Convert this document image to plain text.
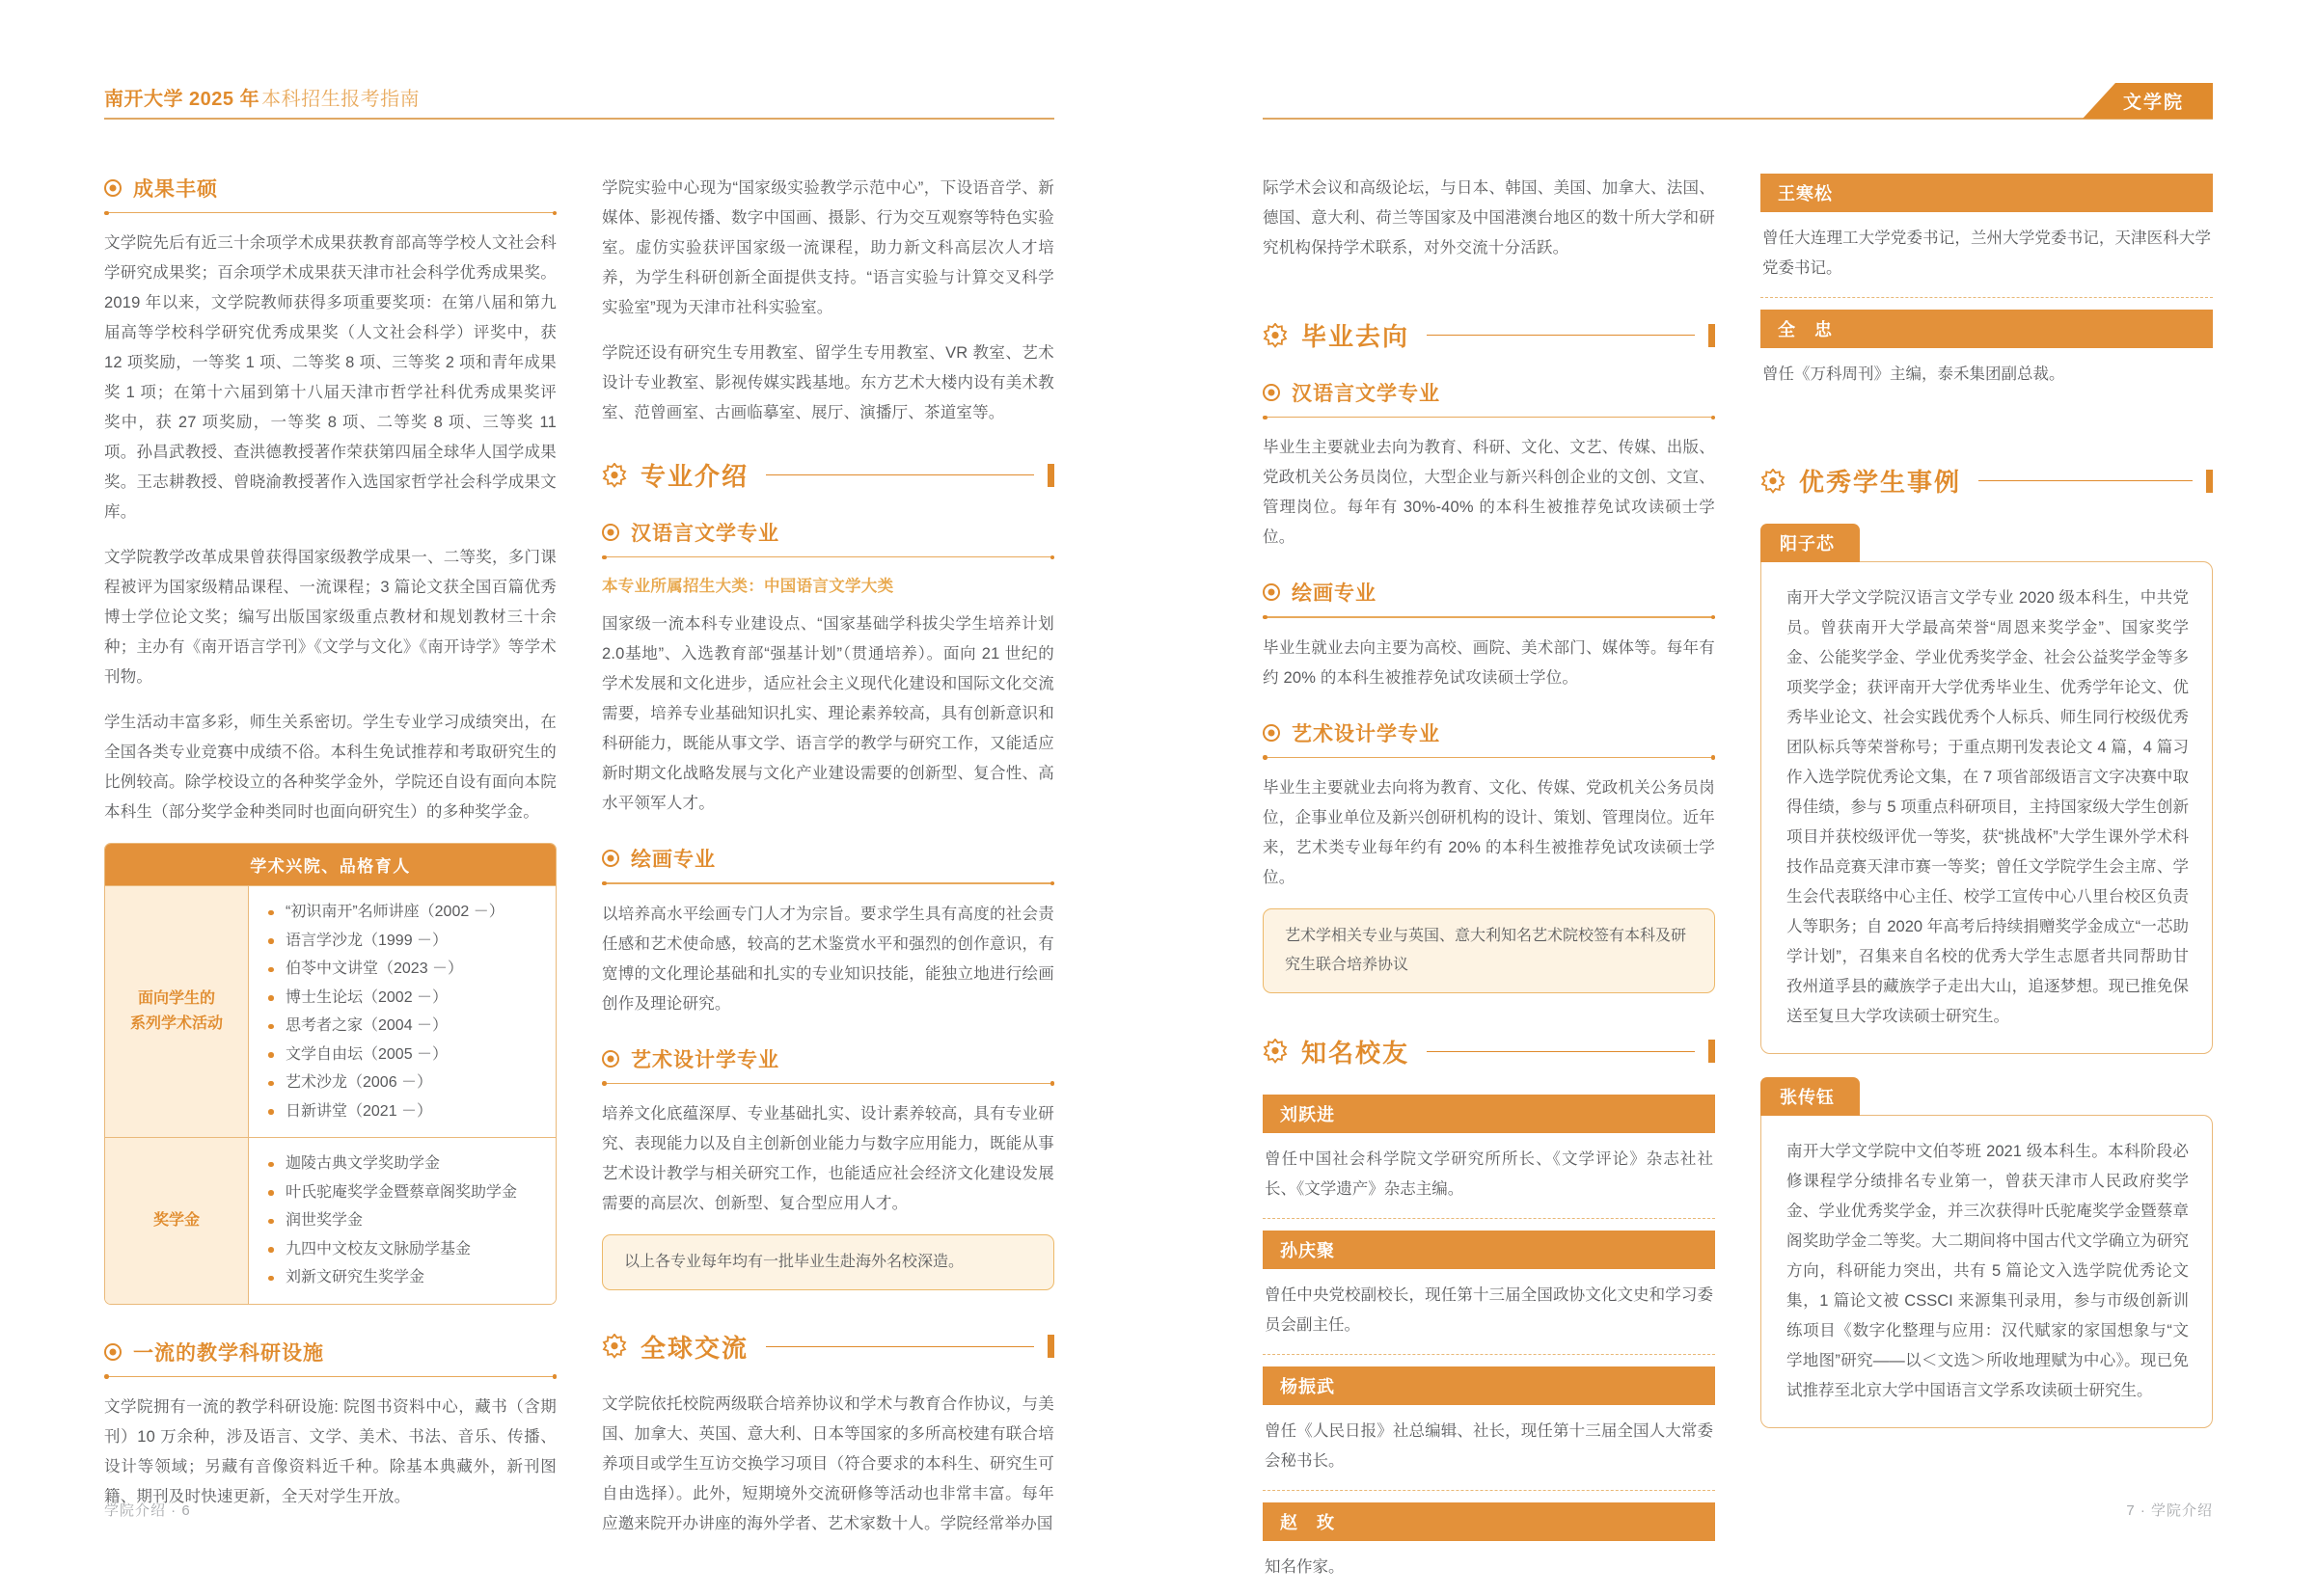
南开大学 2025 年 本科招生报考指南
成果丰硕

文学院先后有近三十余项学术成果获教育部高等学校人文社会科学研究成果奖；百余项学术成果获天津市社会科学优秀成果奖。2019 年以来，文学院教师获得多项重要奖项：在第八届和第九届高等学校科学研究优秀成果奖（人文社会科学）评奖中，获 12 项奖励，一等奖 1 项、二等奖 8 项、三等奖 2 项和青年成果奖 1 项；在第十六届到第十八届天津市哲学社科优秀成果奖评奖中，获 27 项奖励，一等奖 8 项、二等奖 8 项、三等奖 11 项。孙昌武教授、查洪德教授著作荣获第四届全球华人国学成果奖。王志耕教授、曾晓渝教授著作入选国家哲学社会科学成果文库。

文学院教学改革成果曾获得国家级教学成果一、二等奖，多门课程被评为国家级精品课程、一流课程；3 篇论文获全国百篇优秀博士学位论文奖；编写出版国家级重点教材和规划教材三十余种；主办有《南开语言学刊》《文学与文化》《南开诗学》等学术刊物。

学生活动丰富多彩，师生关系密切。学生专业学习成绩突出，在全国各类专业竞赛中成绩不俗。本科生免试推荐和考取研究生的比例较高。除学校设立的各种奖学金外，学院还自设有面向本院本科生（部分奖学金种类同时也面向研究生）的多种奖学金。

学术兴院、品格育人
面向学生的
系列学术活动
“初识南开”名师讲座（2002 －）
语言学沙龙（1999 －）
伯苓中文讲堂（2023 －）
博士生论坛（2002 －）
思考者之家（2004 －）
文学自由坛（2005 －）
艺术沙龙（2006 －）
日新讲堂（2021 －）
奖学金
迦陵古典文学奖助学金
叶氏驼庵奖学金暨蔡章阁奖助学金
润世奖学金
九四中文校友文脉励学基金
刘新文研究生奖学金
一流的教学科研设施

文学院拥有一流的教学科研设施: 院图书资料中心，藏书（含期刊）10 万余种，涉及语言、文学、美术、书法、音乐、传播、设计等领域；另藏有音像资料近千种。除基本典藏外，新刊图籍、期刊及时快速更新，全天对学生开放。

学院实验中心现为“国家级实验教学示范中心”，下设语音学、新媒体、影视传播、数字中国画、摄影、行为交互观察等特色实验室。虚仿实验获评国家级一流课程，助力新文科高层次人才培养，为学生科研创新全面提供支持。“语言实验与计算交叉科学实验室”现为天津市社科实验室。

学院还设有研究生专用教室、留学生专用教室、VR 教室、艺术设计专业教室、影视传媒实践基地。东方艺术大楼内设有美术教室、范曾画室、古画临摹室、展厅、演播厅、茶道室等。

专业介绍
汉语言文学专业
本专业所属招生大类：中国语言文学大类

国家级一流本科专业建设点、“国家基础学科拔尖学生培养计划2.0基地”、入选教育部“强基计划”（贯通培养）。面向 21 世纪的学术发展和文化进步，适应社会主义现代化建设和国际文化交流需要，培养专业基础知识扎实、理论素养较高，具有创新意识和科研能力，既能从事文学、语言学的教学与研究工作，又能适应新时期文化战略发展与文化产业建设需要的创新型、复合性、高水平领军人才。

绘画专业

以培养高水平绘画专门人才为宗旨。要求学生具有高度的社会责任感和艺术使命感，较高的艺术鉴赏水平和强烈的创作意识，有宽博的文化理论基础和扎实的专业知识技能，能独立地进行绘画创作及理论研究。

艺术设计学专业

培养文化底蕴深厚、专业基础扎实、设计素养较高，具有专业研究、表现能力以及自主创新创业能力与数字应用能力，既能从事艺术设计教学与相关研究工作，也能适应社会经济文化建设发展需要的高层次、创新型、复合型应用人才。

以上各专业每年均有一批毕业生赴海外名校深造。
全球交流

文学院依托校院两级联合培养协议和学术与教育合作协议，与美国、加拿大、英国、意大利、日本等国家的多所高校建有联合培养项目或学生互访交换学习项目（符合要求的本科生、研究生可自由选择）。此外，短期境外交流研修等活动也非常丰富。每年应邀来院开办讲座的海外学者、艺术家数十人。学院经常举办国

学院介绍 · 6
文学院

际学术会议和高级论坛，与日本、韩国、美国、加拿大、法国、德国、意大利、荷兰等国家及中国港澳台地区的数十所大学和研究机构保持学术联系，对外交流十分活跃。

毕业去向
汉语言文学专业

毕业生主要就业去向为教育、科研、文化、文艺、传媒、出版、党政机关公务员岗位，大型企业与新兴科创企业的文创、文宣、管理岗位。每年有 30%-40% 的本科生被推荐免试攻读硕士学位。

绘画专业

毕业生就业去向主要为高校、画院、美术部门、媒体等。每年有约 20% 的本科生被推荐免试攻读硕士学位。

艺术设计学专业

毕业生主要就业去向将为教育、文化、传媒、党政机关公务员岗位，企事业单位及新兴创研机构的设计、策划、管理岗位。近年来，艺术类专业每年约有 20% 的本科生被推荐免试攻读硕士学位。

艺术学相关专业与英国、意大利知名艺术院校签有本科及研究生联合培养协议
知名校友
刘跃进
曾任中国社会科学院文学研究所所长、《文学评论》杂志社社长、《文学遗产》杂志主编。
孙庆聚
曾任中央党校副校长，现任第十三届全国政协文化文史和学习委员会副主任。
杨振武
曾任《人民日报》社总编辑、社长，现任第十三届全国人大常委会秘书长。
赵　玫
知名作家。
王寒松
曾任大连理工大学党委书记，兰州大学党委书记，天津医科大学党委书记。
全　忠
曾任《万科周刊》主编，泰禾集团副总裁。
优秀学生事例
阳子芯

南开大学文学院汉语言文学专业 2020 级本科生，中共党员。曾获南开大学最高荣誉“周恩来奖学金”、国家奖学金、公能奖学金、学业优秀奖学金、社会公益奖学金等多项奖学金；获评南开大学优秀毕业生、优秀学年论文、优秀毕业论文、社会实践优秀个人标兵、师生同行校级优秀团队标兵等荣誉称号；于重点期刊发表论文 4 篇，4 篇习作入选学院优秀论文集，在 7 项省部级语言文字决赛中取得佳绩，参与 5 项重点科研项目，主持国家级大学生创新项目并获校级评优一等奖，获“挑战杯”大学生课外学术科技作品竞赛天津市赛一等奖；曾任文学院学生会主席、学生会代表联络中心主任、校学工宣传中心八里台校区负责人等职务；自 2020 年高考后持续捐赠奖学金成立“一芯助学计划”，召集来自名校的优秀大学生志愿者共同帮助甘孜州道孚县的藏族学子走出大山，追逐梦想。现已推免保送至复旦大学攻读硕士研究生。

张传钰

南开大学文学院中文伯苓班 2021 级本科生。本科阶段必修课程学分绩排名专业第一，曾获天津市人民政府奖学金、学业优秀奖学金，并三次获得叶氏驼庵奖学金暨蔡章阁奖助学金二等奖。大二期间将中国古代文学确立为研究方向，科研能力突出，共有 5 篇论文入选学院优秀论文集，1 篇论文被 CSSCI 来源集刊录用，参与市级创新训练项目《数字化整理与应用：汉代赋家的家国想象与“文学地图”研究——以＜文选＞所收地理赋为中心》。现已免试推荐至北京大学中国语言文学系攻读硕士研究生。

7 · 学院介绍
